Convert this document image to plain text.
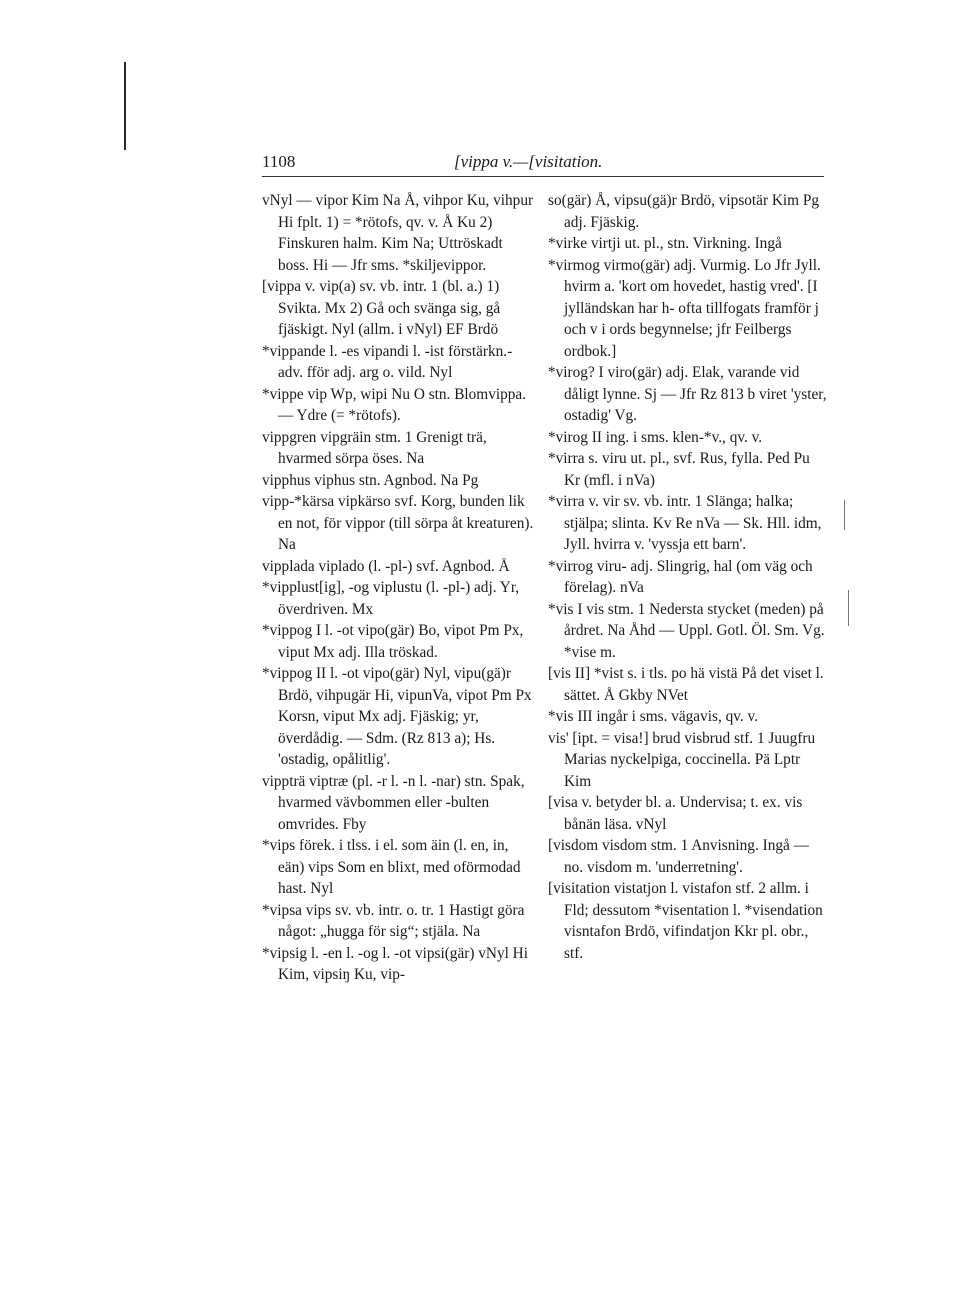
1108	[vippa v.—[visitation.

vNyl — vipor Kim Na Å, vihpor Ku, vihpur Hi fplt. 1) = *rötofs, qv. v. Å Ku 2) Finskuren halm. Kim Na; Uttröskadt boss. Hi — Jfr sms. *skiljevippor.

[vippa v. vip(a) sv. vb. intr. 1 (bl. a.) 1) Svikta. Mx 2) Gå och svänga sig, gå fjäskigt. Nyl (allm. i vNyl) EF Brdö

*vippande l. -es vipandi l. -ist förstärkn.-adv. fför adj. arg o. vild. Nyl

*vippe vip Wp, wipi Nu O stn. Blomvippa. — Ydre (= *rötofs).

vippgren vipgräin stm. 1 Grenigt trä, hvarmed sörpa öses. Na

vipphus viphus stn. Agnbod. Na Pg

vipp-*kärsa vipkärso svf. Korg, bunden lik en not, för vippor (till sörpa åt kreaturen). Na

vipplada viplado (l. -pl-) svf. Agnbod. Å

*vipplust[ig], -og viplustu (l. -pl-) adj. Yr, överdriven. Mx

*vippog I l. -ot vipo(gär) Bo, vipot Pm Px, viput Mx adj. Illa tröskad.

*vippog II l. -ot vipo(gär) Nyl, vipu(gä)r Brdö, vihpugär Hi, vipunVa, vipot Pm Px Korsn, viput Mx adj. Fjäskig; yr, överdådig. — Sdm. (Rz 813 a); Hs. 'ostadig, opålitlig'.

vippträ viptræ (pl. -r l. -n l. -nar) stn. Spak, hvarmed vävbommen eller -bulten omvrides. Fby

*vips förek. i tlss. i el. som äin (l. en, in, eän) vips Som en blixt, med oförmodad hast. Nyl

*vipsa vips sv. vb. intr. o. tr. 1 Hastigt göra något: „hugga för sig“; stjäla. Na

*vipsig l. -en l. -og l. -ot vipsi(gär) vNyl Hi Kim, vipsiŋ Ku, vip-

so(gär) Å, vipsu(gä)r Brdö, vipsotär Kim Pg adj. Fjäskig.

*virke virtji ut. pl., stn. Virkning. Ingå

*virmog virmo(gär) adj. Vurmig. Lo Jfr Jyll. hvirm a. 'kort om hovedet, hastig vred'. [I jylländskan har h- ofta tillfogats framför j och v i ords begynnelse; jfr Feilbergs ordbok.]

*virog? I viro(gär) adj. Elak, varande vid dåligt lynne. Sj — Jfr Rz 813 b viret 'yster, ostadig' Vg.

*virog II ing. i sms. klen-*v., qv. v.

*virra s. viru ut. pl., svf. Rus, fylla. Ped Pu Kr (mfl. i nVa)

*virra v. vir sv. vb. intr. 1 Slänga; halka; stjälpa; slinta. Kv Re nVa — Sk. Hll. idm, Jyll. hvirra v. 'vyssja ett barn'.

*virrog viru- adj. Slingrig, hal (om väg och förelag). nVa

*vis I vis stm. 1 Nedersta stycket (meden) på årdret. Na Åhd — Uppl. Gotl. Öl. Sm. Vg. *vise m.

[vis II] *vist s. i tls. po hä vistä På det viset l. sättet. Å Gkby NVet

*vis III ingår i sms. vägavis, qv. v.

vis' [ipt. = visa!] brud visbrud stf. 1 Juugfru Marias nyckelpiga, coccinella. Pä Lptr Kim

[visa v. betyder bl. a. Undervisa; t. ex. vis bånän läsa. vNyl

[visdom visdom stm. 1 Anvisning. Ingå — no. visdom m. 'underretning'.

[visitation vistatjon l. vistafon stf. 2 allm. i Fld; dessutom *visentation l. *visendation visntafon Brdö, vifindatjon Kkr pl. obr., stf.
